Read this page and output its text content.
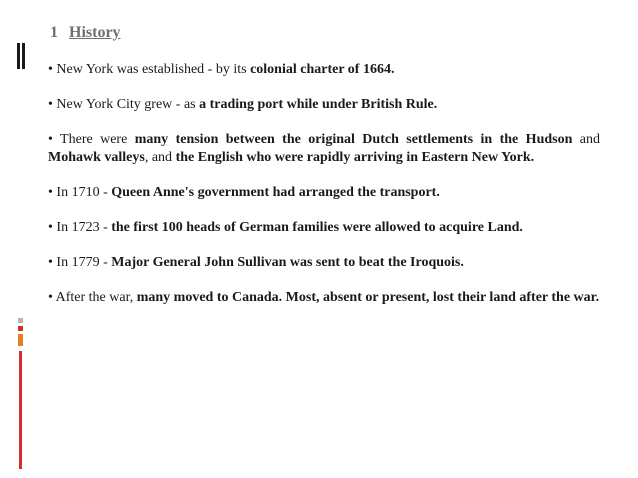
1 History

• New York was established - by its colonial charter of 1664.

• New York City grew - as a trading port while under British Rule.

• There were many tension between the original Dutch settlements in the Hudson and Mohawk valleys, and the English who were rapidly arriving in Eastern New York.

• In 1710 - Queen Anne's government had arranged the transport.

• In 1723 - the first 100 heads of German families were allowed to acquire Land.

• In 1779 - Major General John Sullivan was sent to beat the Iroquois.

• After the war, many moved to Canada. Most, absent or present, lost their land after the war.
